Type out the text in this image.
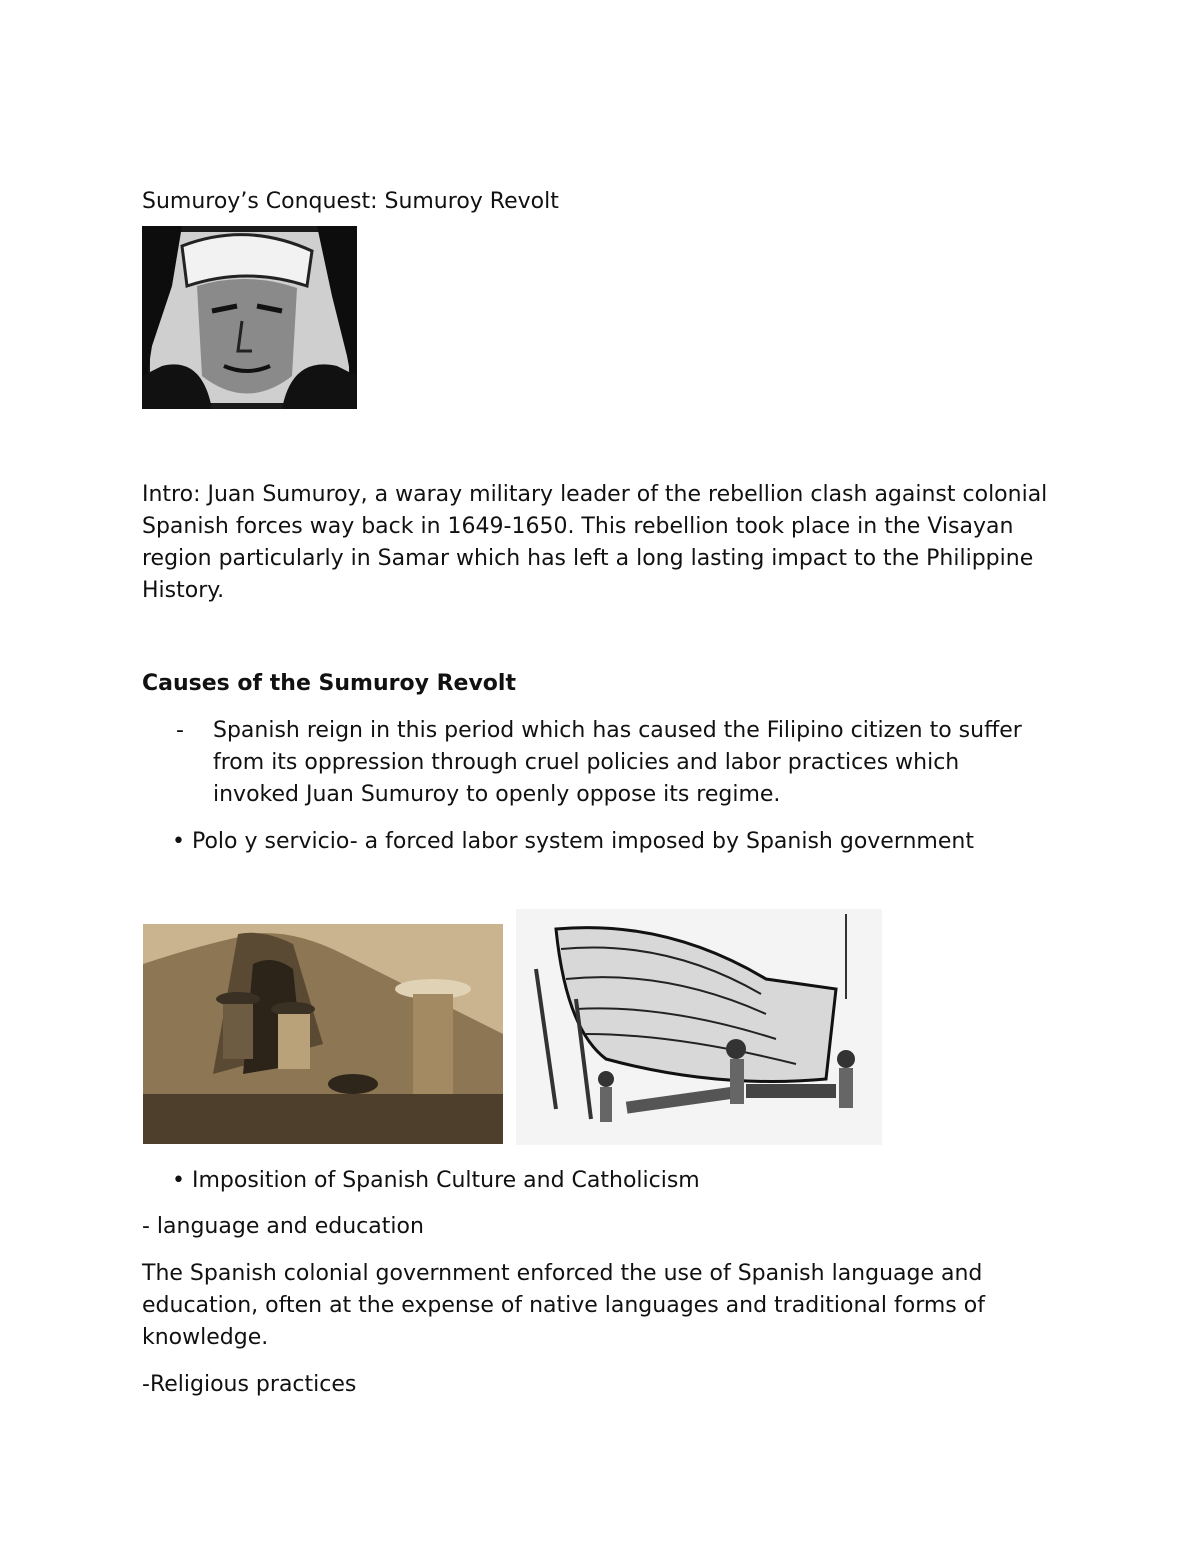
Sumuroy’s Conquest: Sumuroy Revolt
Intro: Juan Sumuroy, a waray military leader of the rebellion clash against colonial Spanish forces way back in 1649-1650. This rebellion took place in the Visayan region particularly in Samar which has left a long lasting impact to the Philippine History.
Causes of the Sumuroy Revolt
- Spanish reign in this period which has caused the Filipino citizen to suffer from its oppression through cruel policies and labor practices which invoked Juan Sumuroy to openly oppose its regime.
• Polo y servicio- a forced labor system imposed by Spanish government
• Imposition of Spanish Culture and Catholicism
- language and education
The Spanish colonial government enforced the use of Spanish language and education, often at the expense of native languages and traditional forms of knowledge.
-Religious practices
